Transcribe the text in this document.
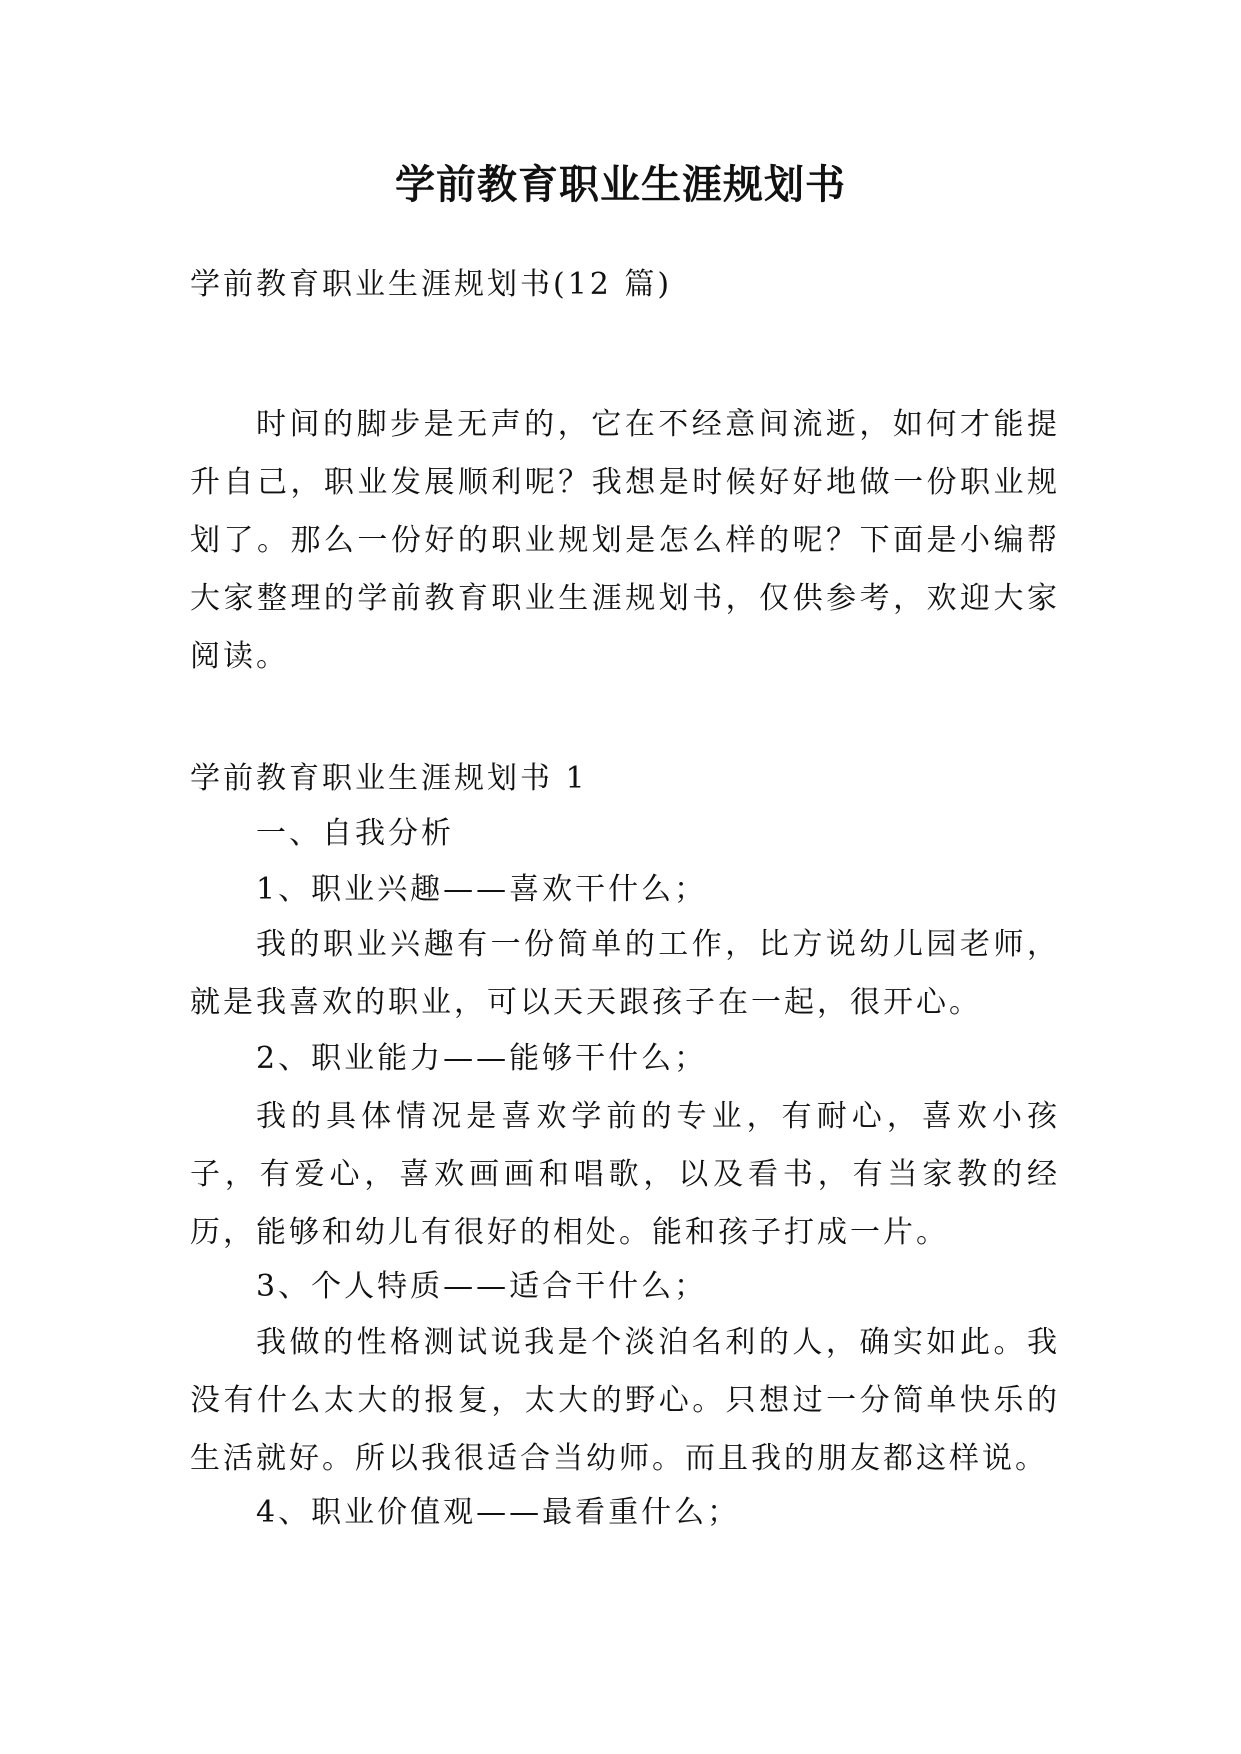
学前教育职业生涯规划书
学前教育职业生涯规划书(12 篇)
时间的脚步是无声的，它在不经意间流逝，如何才能提升自己，职业发展顺利呢？我想是时候好好地做一份职业规划了。那么一份好的职业规划是怎么样的呢？下面是小编帮大家整理的学前教育职业生涯规划书，仅供参考，欢迎大家阅读。
学前教育职业生涯规划书 1
一、自我分析
1、职业兴趣——喜欢干什么；
我的职业兴趣有一份简单的工作，比方说幼儿园老师，就是我喜欢的职业，可以天天跟孩子在一起，很开心。
2、职业能力——能够干什么；
我的具体情况是喜欢学前的专业，有耐心，喜欢小孩子，有爱心，喜欢画画和唱歌，以及看书，有当家教的经历，能够和幼儿有很好的相处。能和孩子打成一片。
3、个人特质——适合干什么；
我做的性格测试说我是个淡泊名利的人，确实如此。我没有什么太大的报复，太大的野心。只想过一分简单快乐的生活就好。所以我很适合当幼师。而且我的朋友都这样说。
4、职业价值观——最看重什么；
